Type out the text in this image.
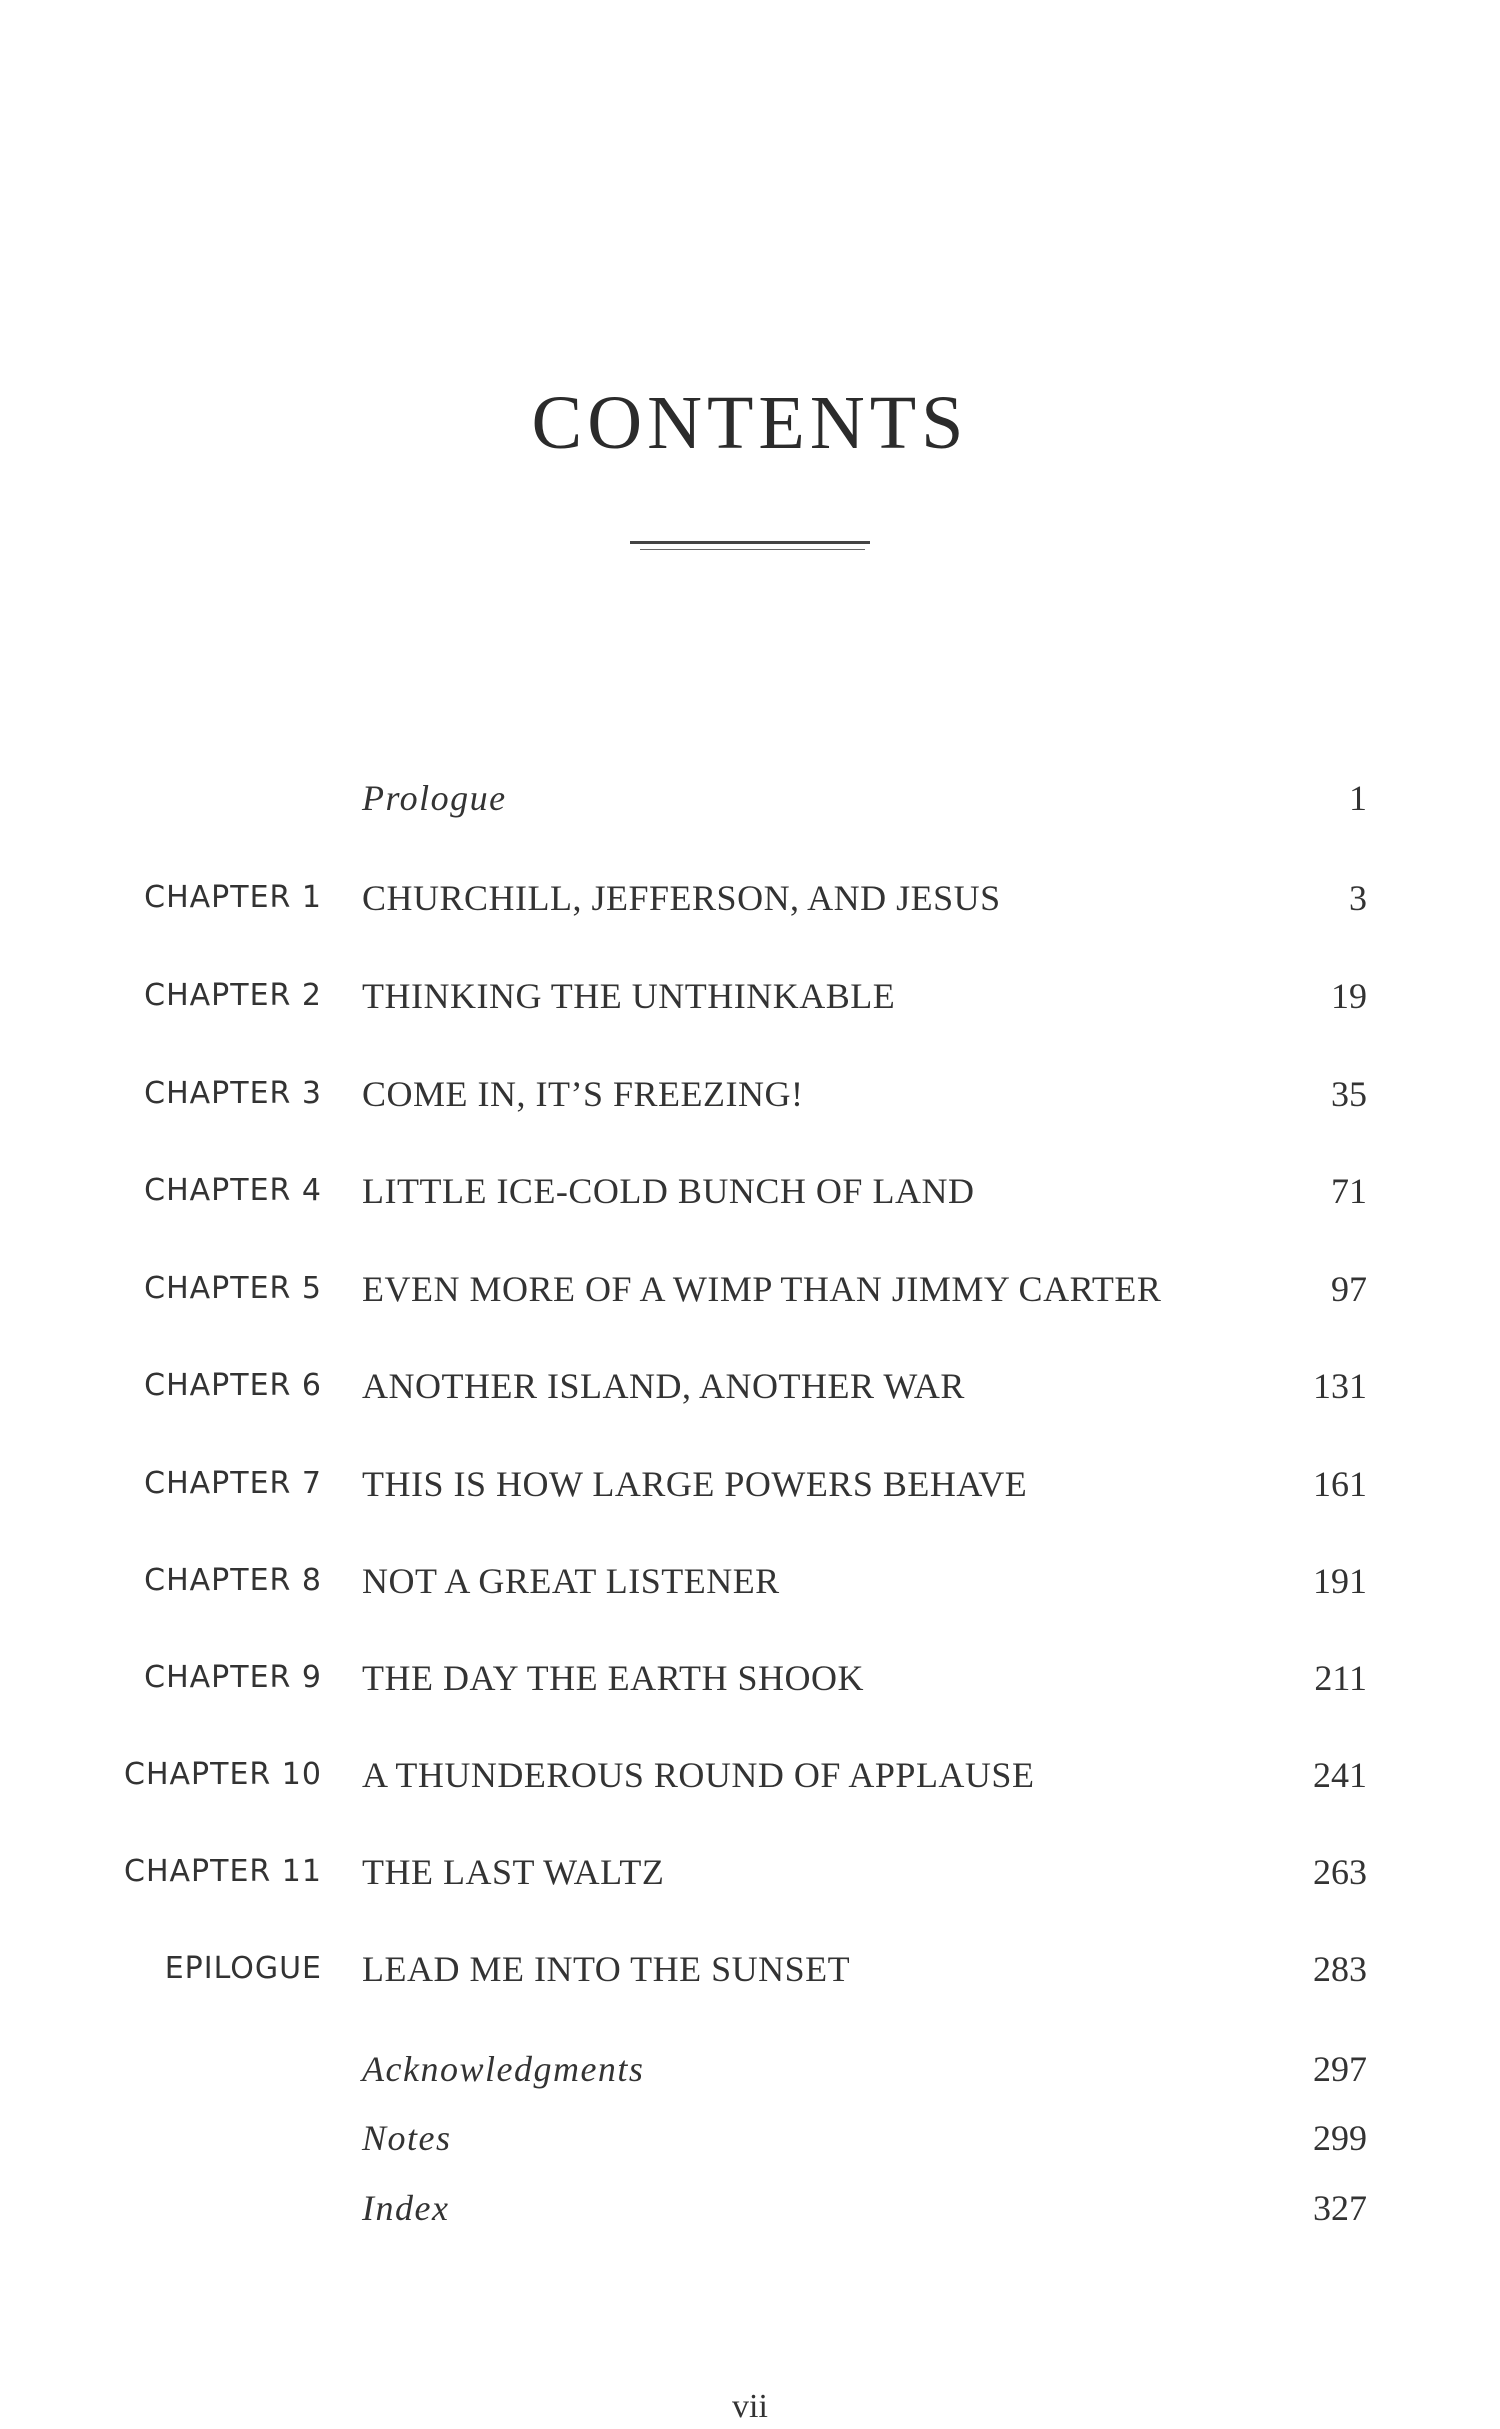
CONTENTS
Prologue	1
CHAPTER 1 CHURCHILL, JEFFERSON, AND JESUS	3
CHAPTER 2 THINKING THE UNTHINKABLE	19
CHAPTER 3 COME IN, IT’S FREEZING!	35
CHAPTER 4 LITTLE ICE-COLD BUNCH OF LAND	71
CHAPTER 5 EVEN MORE OF A WIMP THAN JIMMY CARTER	97
CHAPTER 6 ANOTHER ISLAND, ANOTHER WAR	131
CHAPTER 7 THIS IS HOW LARGE POWERS BEHAVE	161
CHAPTER 8 NOT A GREAT LISTENER	191
CHAPTER 9 THE DAY THE EARTH SHOOK	211
CHAPTER 10 A THUNDEROUS ROUND OF APPLAUSE	241
CHAPTER 11 THE LAST WALTZ	263
EPILOGUE LEAD ME INTO THE SUNSET	283
Acknowledgments	297
Notes	299
Index	327
vii
